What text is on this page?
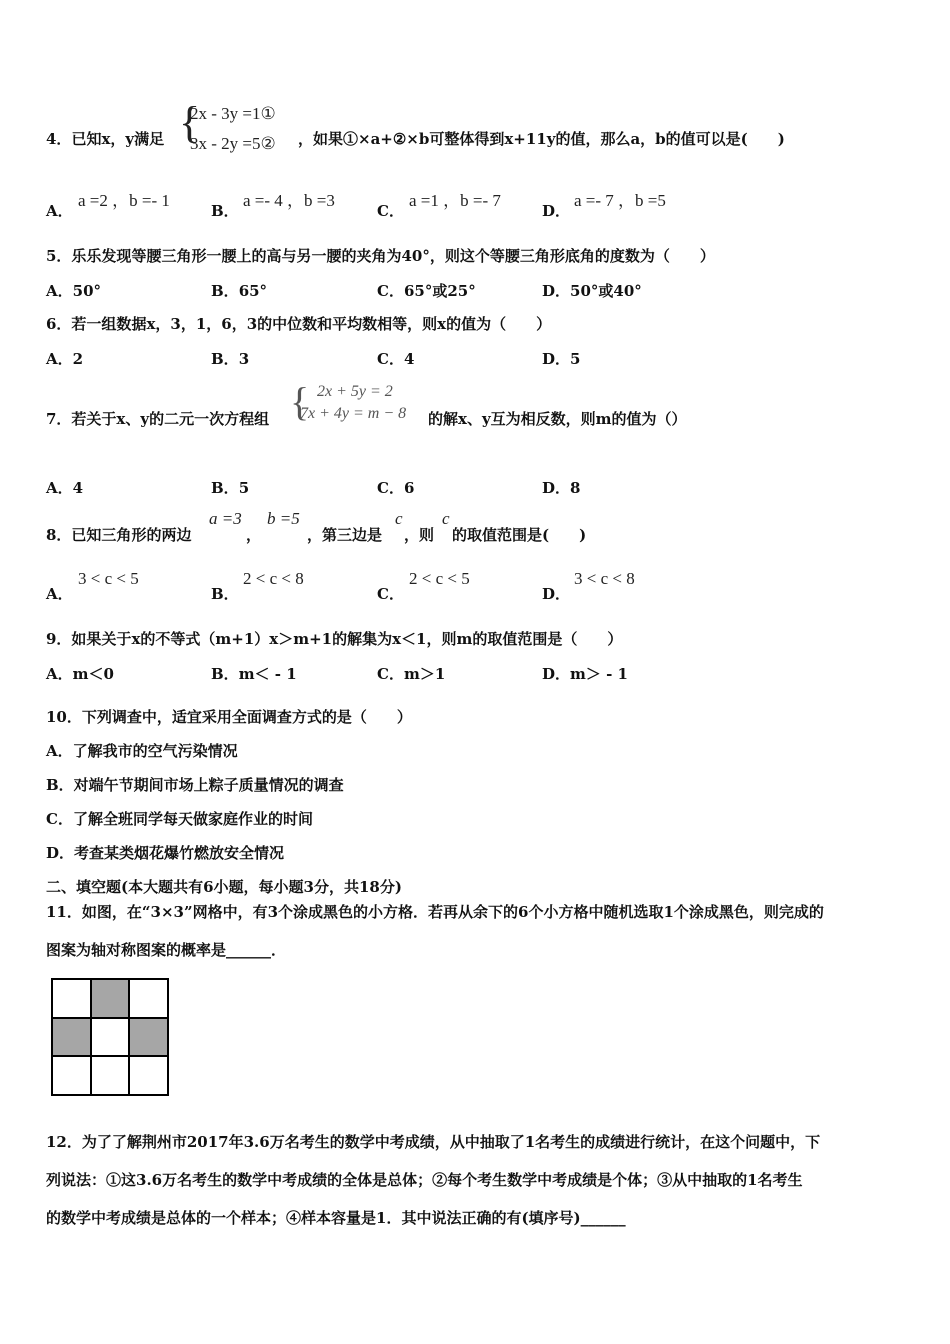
4．已知x，y满足 {
2x - 3y =1①
3x - 2y =5② ，如果①×a+②×b可整体得到x+11y的值，那么a，b的值可以是(　　)
A．
a =2 ，b =- 1
B．
a =- 4 ，b =3
C．
a =1 ，b =- 7
D．
a =- 7 ，b =5
5．乐乐发现等腰三角形一腰上的高与另一腰的夹角为40°，则这个等腰三角形底角的度数为（　　）
A．50°	B．65°	C．65°或25°	D．50°或40°
6．若一组数据x，3，1，6，3的中位数和平均数相等，则x的值为（　　）
A．2	B．3	C．4	D．5
7．若关于x、y的二元一次方程组 { 2x + 5y = 2
7x + 4y = m − 8 的解x、y互为相反数，则m的值为（）
A．4	B．5	C．6	D．8
8．已知三角形的两边
a =3
，
b =5
，第三边是
c
，则
c
的取值范围是(　　)
A．
3 < c < 5
B．
2 < c < 8
C．
2 < c < 5
D．
3 < c < 8
9．如果关于x的不等式（m+1）x＞m+1的解集为x＜1，则m的取值范围是（　　）
A．m＜0	B．m＜ - 1	C．m＞1	D．m＞ - 1
10．下列调查中，适宜采用全面调查方式的是（　　）
A．了解我市的空气污染情况
B．对端午节期间市场上粽子质量情况的调查
C．了解全班同学每天做家庭作业的时间
D．考查某类烟花爆竹燃放安全情况
二、填空题(本大题共有6小题，每小题3分，共18分)
11．如图，在“3×3”网格中，有3个涂成黑色的小方格．若再从余下的6个小方格中随机选取1个涂成黑色，则完成的
图案为轴对称图案的概率是______．
12．为了了解荆州市2017年3.6万名考生的数学中考成绩，从中抽取了1名考生的成绩进行统计，在这个问题中，下
列说法：①这3.6万名考生的数学中考成绩的全体是总体；②每个考生数学中考成绩是个体；③从中抽取的1名考生
的数学中考成绩是总体的一个样本；④样本容量是1．其中说法正确的有(填序号)______
